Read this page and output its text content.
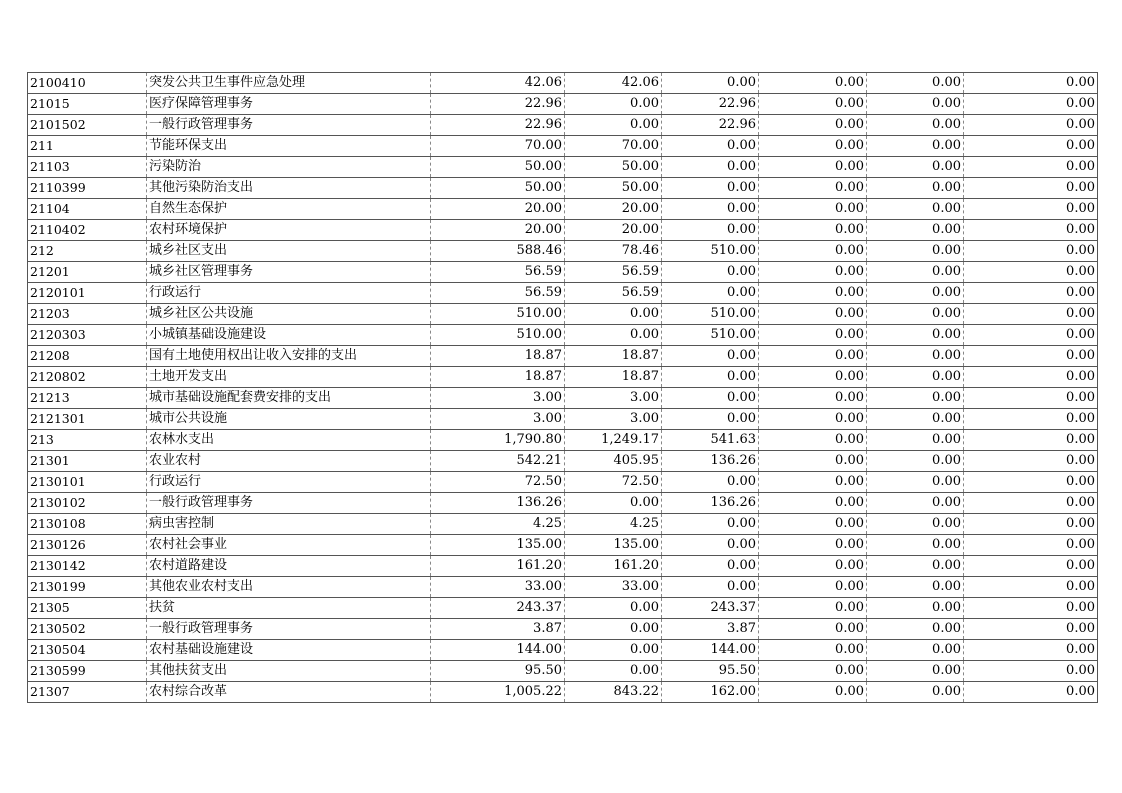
2100410	突发公共卫生事件应急处理	42.06	42.06	0.00	0.00	0.00	0.00
21015	医疗保障管理事务	22.96	0.00	22.96	0.00	0.00	0.00
2101502	一般行政管理事务	22.96	0.00	22.96	0.00	0.00	0.00
211	节能环保支出	70.00	70.00	0.00	0.00	0.00	0.00
21103	污染防治	50.00	50.00	0.00	0.00	0.00	0.00
2110399	其他污染防治支出	50.00	50.00	0.00	0.00	0.00	0.00
21104	自然生态保护	20.00	20.00	0.00	0.00	0.00	0.00
2110402	农村环境保护	20.00	20.00	0.00	0.00	0.00	0.00
212	城乡社区支出	588.46	78.46	510.00	0.00	0.00	0.00
21201	城乡社区管理事务	56.59	56.59	0.00	0.00	0.00	0.00
2120101	行政运行	56.59	56.59	0.00	0.00	0.00	0.00
21203	城乡社区公共设施	510.00	0.00	510.00	0.00	0.00	0.00
2120303	小城镇基础设施建设	510.00	0.00	510.00	0.00	0.00	0.00
21208	国有土地使用权出让收入安排的支出	18.87	18.87	0.00	0.00	0.00	0.00
2120802	土地开发支出	18.87	18.87	0.00	0.00	0.00	0.00
21213	城市基础设施配套费安排的支出	3.00	3.00	0.00	0.00	0.00	0.00
2121301	城市公共设施	3.00	3.00	0.00	0.00	0.00	0.00
213	农林水支出	1,790.80	1,249.17	541.63	0.00	0.00	0.00
21301	农业农村	542.21	405.95	136.26	0.00	0.00	0.00
2130101	行政运行	72.50	72.50	0.00	0.00	0.00	0.00
2130102	一般行政管理事务	136.26	0.00	136.26	0.00	0.00	0.00
2130108	病虫害控制	4.25	4.25	0.00	0.00	0.00	0.00
2130126	农村社会事业	135.00	135.00	0.00	0.00	0.00	0.00
2130142	农村道路建设	161.20	161.20	0.00	0.00	0.00	0.00
2130199	其他农业农村支出	33.00	33.00	0.00	0.00	0.00	0.00
21305	扶贫	243.37	0.00	243.37	0.00	0.00	0.00
2130502	一般行政管理事务	3.87	0.00	3.87	0.00	0.00	0.00
2130504	农村基础设施建设	144.00	0.00	144.00	0.00	0.00	0.00
2130599	其他扶贫支出	95.50	0.00	95.50	0.00	0.00	0.00
21307	农村综合改革	1,005.22	843.22	162.00	0.00	0.00	0.00
